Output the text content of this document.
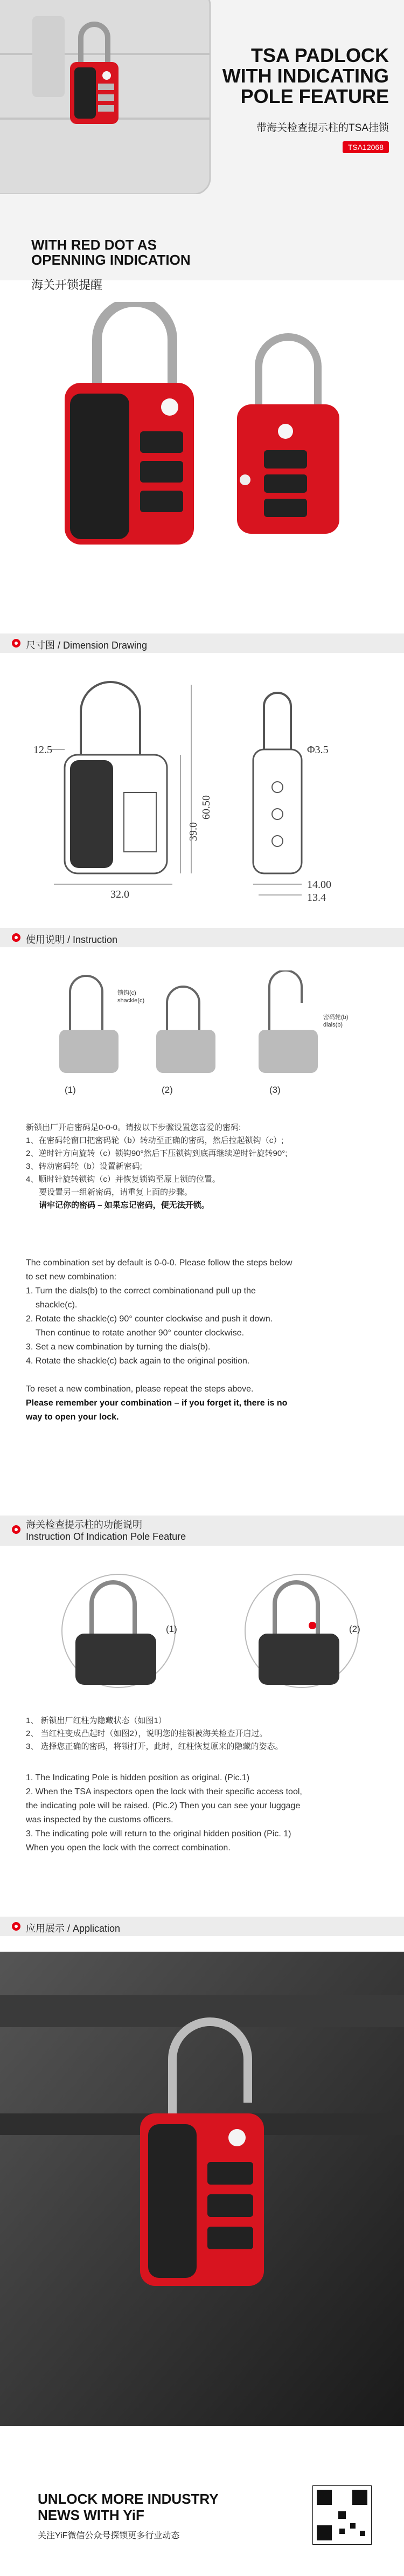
TSA PADLOCK
WITH INDICATING
POLE FEATURE
带海关检查提示柱的TSA挂锁
TSA12068
WITH RED DOT AS
OPENNING INDICATION
海关开锁提醒
尺寸图 / Dimension Drawing
12.5	Φ3.5
60.50
39.0
32.0
14.00
13.4
使用说明 / Instruction
(1)	(2)	(3)
锁钩(c)
shackle(c)
密码轮(b)
dials(b)

新锁出厂开启密码是0-0-0。请按以下步骤设置您喜爱的密码:

1、在密码轮窗口把密码轮（b）转动至正确的密码，然后拉起锁钩（c）;

2、逆时针方向旋转（c）锁钩90°然后下压锁钩到底再继续逆时针旋转90°;

3、转动密码轮（b）设置新密码;

4、顺时针旋转锁钩（c）并恢复锁钩至原上锁的位置。

要设置另一组新密码，请重复上面的步骤。

请牢记你的密码 – 如果忘记密码，便无法开锁。

The combination set by default is 0-0-0. Please follow the steps below

to set new combination:

1. Turn the dials(b) to the correct combinationand pull up the

shackle(c).

2. Rotate the shackle(c) 90° counter clockwise and push it down.

Then continue to rotate another 90° counter clockwise.

3. Set a new combination by turning the dials(b).

4. Rotate the shackle(c) back again to the original position.

To reset a new combination, please repeat the steps above.

Please remember your combination – if you forget it, there is no

way to open your lock.

海关检查提示柱的功能说明
Instruction Of Indication Pole Feature
(1)	(2)

1、 新锁出厂红柱为隐藏状态（如图1）

2、 当红柱变成凸起时（如图2），说明您的挂锁被海关检查开启过。

3、 选择您正确的密码，将锁打开，此时，红柱恢复原来的隐藏的姿态。

1. The Indicating Pole is hidden position as original. (Pic.1)

2. When the TSA inspectors open the lock with their specific access tool,

the indicating pole will be raised. (Pic.2) Then you can see your luggage

was inspected by the customs officers.

3. The indicating pole will return to the original hidden position (Pic. 1)

When you open the lock with the correct combination.

应用展示 / Application
UNLOCK MORE INDUSTRY
NEWS WITH YiF
关注YiF微信公众号探锁更多行业动态
